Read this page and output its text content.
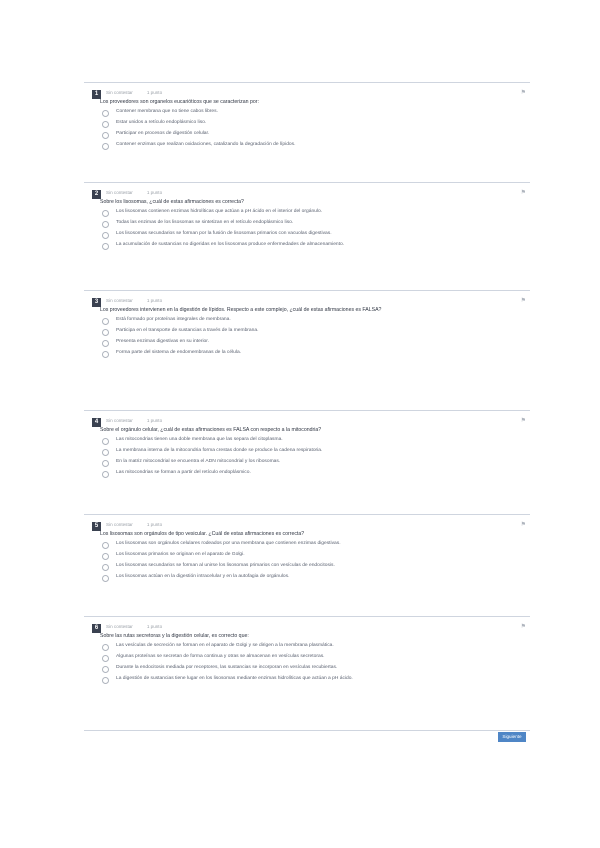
1	Sin contestar	1 punto	⚑
Los proveedores son organelos eucarióticos que se caracterizan por:
Contener membrana que no tiene cabos libres.
Estar unidos a retículo endoplásmico liso.
Participar en procesos de digestión celular.
Contener enzimas que realizan oxidaciones, catalizando la degradación de lípidos.
2	Sin contestar	1 punto	⚑
Sobre los lisosomas, ¿cuál de estas afirmaciones es correcta?
Los lisosomas contienen enzimas hidrolíticas que actúan a pH ácido en el interior del orgánulo.
Todas las enzimas de los lisosomas se sintetizan en el retículo endoplásmico liso.
Los lisosomas secundarios se forman por la fusión de lisosomas primarios con vacuolas digestivas.
La acumulación de sustancias no digeridas en los lisosomas produce enfermedades de almacenamiento.
3	Sin contestar	1 punto	⚑
Los proveedores intervienen en la digestión de lípidos. Respecto a este complejo, ¿cuál de estas afirmaciones es FALSA?
Está formado por proteínas integrales de membrana.
Participa en el transporte de sustancias a través de la membrana.
Presenta enzimas digestivas en su interior.
Forma parte del sistema de endomembranas de la célula.
4	Sin contestar	1 punto	⚑
Sobre el orgánulo celular, ¿cuál de estas afirmaciones es FALSA con respecto a la mitocondria?
Las mitocondrias tienen una doble membrana que las separa del citoplasma.
La membrana interna de la mitocondria forma crestas donde se produce la cadena respiratoria.
En la matriz mitocondrial se encuentra el ADN mitocondrial y los ribosomas.
Las mitocondrias se forman a partir del retículo endoplásmico.
5	Sin contestar	1 punto	⚑
Los lisosomas son orgánulos de tipo vesicular. ¿Cuál de estas afirmaciones es correcta?
Los lisosomas son orgánulos celulares rodeados por una membrana que contienen enzimas digestivas.
Los lisosomas primarios se originan en el aparato de Golgi.
Los lisosomas secundarios se forman al unirse los lisosomas primarios con vesículas de endocitosis.
Los lisosomas actúan en la digestión intracelular y en la autofagia de orgánulos.
6	Sin contestar	1 punto	⚑
Sobre las rutas secretoras y la digestión celular, es correcto que:
Las vesículas de secreción se forman en el aparato de Golgi y se dirigen a la membrana plasmática.
Algunas proteínas se secretan de forma continua y otras se almacenan en vesículas secretoras.
Durante la endocitosis mediada por receptores, las sustancias se incorporan en vesículas recubiertas.
La digestión de sustancias tiene lugar en los lisosomas mediante enzimas hidrolíticas que actúan a pH ácido.
Siguiente
